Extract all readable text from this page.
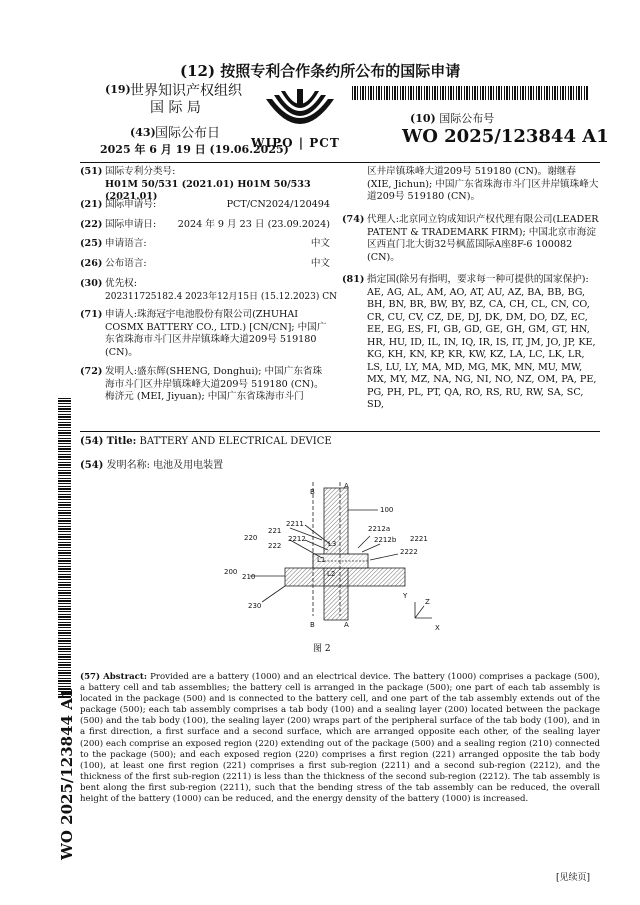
(12) 按照专利合作条约所公布的国际申请
(19) 世界知识产权组织
国 际 局
(43) 国际公布日
2025 年 6 月 19 日 (19.06.2025)
WIPO | PCT
(10) 国际公布号
WO 2025/123844 A1
(51) 国际专利分类号:
H01M 50/531 (2021.01) H01M 50/533 (2021.01)
(21) 国际申请号:	PCT/CN2024/120494
(22) 国际申请日: 2024 年 9 月 23 日 (23.09.2024)
(25) 申请语言:	中文
(26) 公布语言:	中文
(30) 优先权:
202311725182.4 2023年12月15日 (15.12.2023) CN
(71) 申请人:珠海冠宇电池股份有限公司(ZHUHAI COSMX BATTERY CO., LTD.) [CN/CN]; 中国广东省珠海市斗门区井岸镇珠峰大道209号 519180 (CN)。
(72) 发明人:盛东辉(SHENG, Donghui); 中国广东省珠海市斗门区井岸镇珠峰大道209号 519180 (CN)。梅济元 (MEI, Jiyuan); 中国广东省珠海市斗门
区井岸镇珠峰大道209号 519180 (CN)。谢继春 (XIE, Jichun); 中国广东省珠海市斗门区井岸镇珠峰大道209号 519180 (CN)。
(74) 代理人:北京同立钧成知识产权代理有限公司(LEADER PATENT & TRADEMARK FIRM); 中国北京市海淀区西直门北大街32号枫蓝国际A座8F-6 100082 (CN)。
(81) 指定国(除另有指明，要求每一种可提供的国家保护): AE, AG, AL, AM, AO, AT, AU, AZ, BA, BB, BG, BH, BN, BR, BW, BY, BZ, CA, CH, CL, CN, CO, CR, CU, CV, CZ, DE, DJ, DK, DM, DO, DZ, EC, EE, EG, ES, FI, GB, GD, GE, GH, GM, GT, HN, HR, HU, ID, IL, IN, IQ, IR, IS, IT, JM, JO, JP, KE, KG, KH, KN, KP, KR, KW, KZ, LA, LC, LK, LR, LS, LU, LY, MA, MD, MG, MK, MN, MU, MW, MX, MY, MZ, NA, NG, NI, NO, NZ, OM, PA, PE, PG, PH, PL, PT, QA, RO, RS, RU, RW, SA, SC, SD,
WO 2025/123844 A1
(54) Title: BATTERY AND ELECTRICAL DEVICE
(54) 发明名称: 电池及用电装置
B
A
100
220
221
222
2211
2212
2212a
2212b 2221
2222
200
210
230
L3
L1
L2
B	A
Y
Z
X
图 2
(57) Abstract: Provided are a battery (1000) and an electrical device. The battery (1000) comprises a package (500), a battery cell and tab assemblies; the battery cell is arranged in the package (500); one part of each tab assembly is located in the package (500) and is connected to the battery cell, and one part of the tab assembly extends out of the package (500); each tab assembly comprises a tab body (100) and a sealing layer (200) located between the package (500) and the tab body (100), the sealing layer (200) wraps part of the peripheral surface of the tab body (100), and in a first direction, a first surface and a second surface, which are arranged opposite each other, of the sealing layer (200) each comprise an exposed region (220) extending out of the package (500) and a sealing region (210) connected to the package (500); and each exposed region (220) comprises a first region (221) arranged opposite the tab body (100), at least one first region (221) comprises a first sub-region (2211) and a second sub-region (2212), and the thickness of the first sub-region (2211) is less than the thickness of the second sub-region (2212). The tab assembly is bent along the first sub-region (2211), such that the bending stress of the tab assembly can be reduced, the overall height of the battery (1000) can be reduced, and the energy density of the battery (1000) is increased.
[见续页]
